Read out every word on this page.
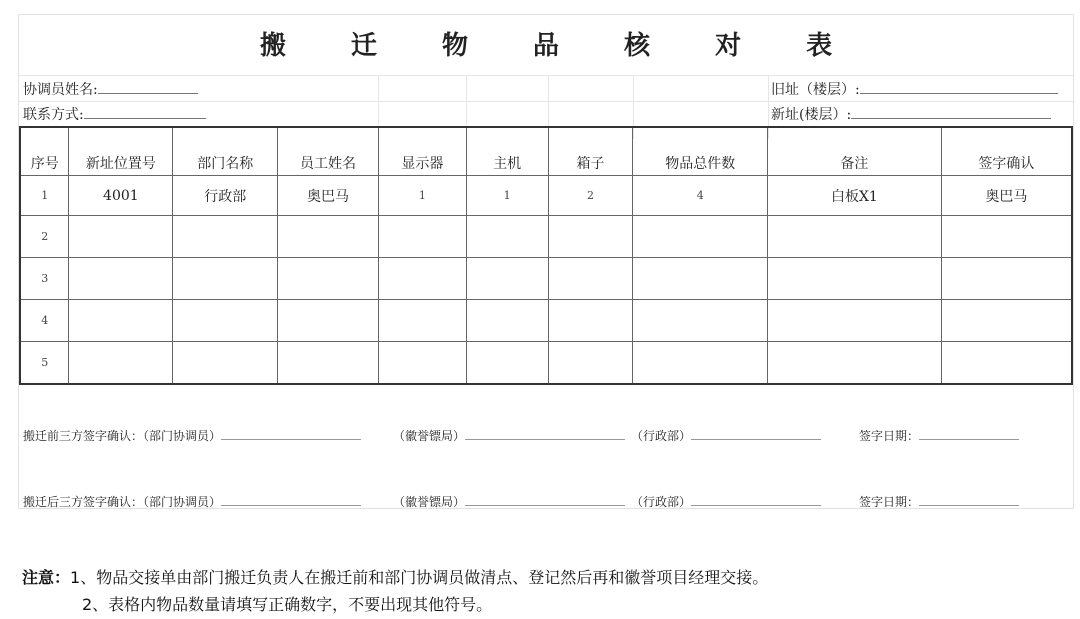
搬 迁 物 品 核 对 表
协调员姓名:
联系方式:
旧址（楼层）:
新址(楼层）:
序号	新址位置号	部门名称	员工姓名	显示器	主机	箱子	物品总件数	备注	签字确认
1	4001	行政部	奥巴马	1	1	2	4	白板X1	奥巴马
2									
3									
4									
5									
搬迁前三方签字确认：（部门协调员）	（徽誉镖局）	（行政部）	签字日期：
搬迁后三方签字确认：（部门协调员）	（徽誉镖局）	（行政部）	签字日期：
注意：1、物品交接单由部门搬迁负责人在搬迁前和部门协调员做清点、登记然后再和徽誉项目经理交接。
2、表格内物品数量请填写正确数字，不要出现其他符号。
